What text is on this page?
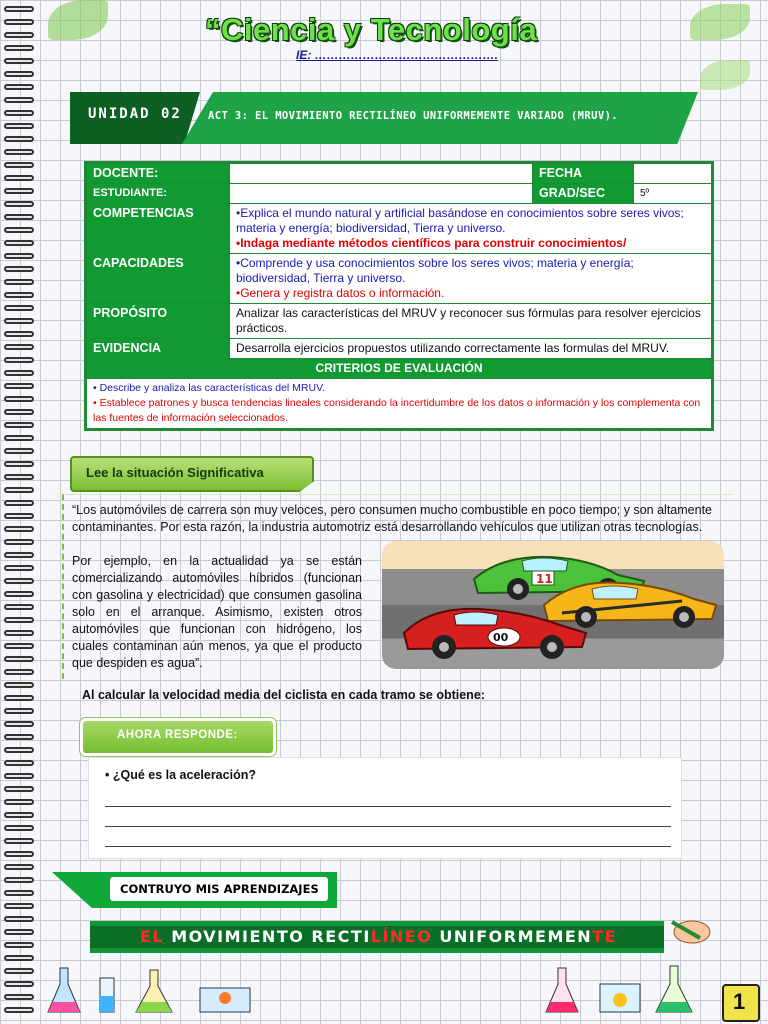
“Ciencia y Tecnología
IE: ……………………………………….
UNIDAD 02 ACT 3: EL MOVIMIENTO RECTILÍNEO UNIFORMEMENTE VARIADO (MRUV).
DOCENTE:		FECHA	
ESTUDIANTE:		GRAD/SEC	5º
COMPETENCIAS	•Explica el mundo natural y artificial basándose en conocimientos sobre seres vivos; materia y energía; biodiversidad, Tierra y universo.
•Indaga mediante métodos científicos para construir conocimientos/		

CAPACIDADES	•Comprende y usa conocimientos sobre los seres vivos; materia y energía; biodiversidad, Tierra y universo.
•Genera y registra datos o información.		

PROPÓSITO	Analizar las características del MRUV y reconocer sus fórmulas para resolver ejercicios prácticos.		
EVIDENCIA	Desarrolla ejercicios propuestos utilizando correctamente las formulas del MRUV.		
CRITERIOS DE EVALUACIÓN			

• Describe y analiza las características del MRUV.
• Establece patrones y busca tendencias lineales considerando la incertidumbre de los datos o información y los complementa con las fuentes de información seleccionados.			
Lee la situación Significativa
“Los automóviles de carrera son muy veloces, pero consumen mucho combustible en poco tiempo; y son altamente contaminantes. Por esta razón, la industria automotriz está desarrollando vehículos que utilizan otras tecnologías.
Por ejemplo, en la actualidad ya se están comercializando automóviles híbridos (funcionan con gasolina y electricidad) que consumen gasolina solo en el arranque. Asimismo, existen otros automóviles que funcionan con hidrógeno, los cuales contaminan aún menos, ya que el producto que despiden es agua”.
11
00
Al calcular la velocidad media del ciclista en cada tramo se obtiene:
AHORA RESPONDE:
• ¿Qué es la aceleración?
CONTRUYO MIS APRENDIZAJES
EL MOVIMIENTO RECTILÍNEO UNIFORMEMENTE
1
